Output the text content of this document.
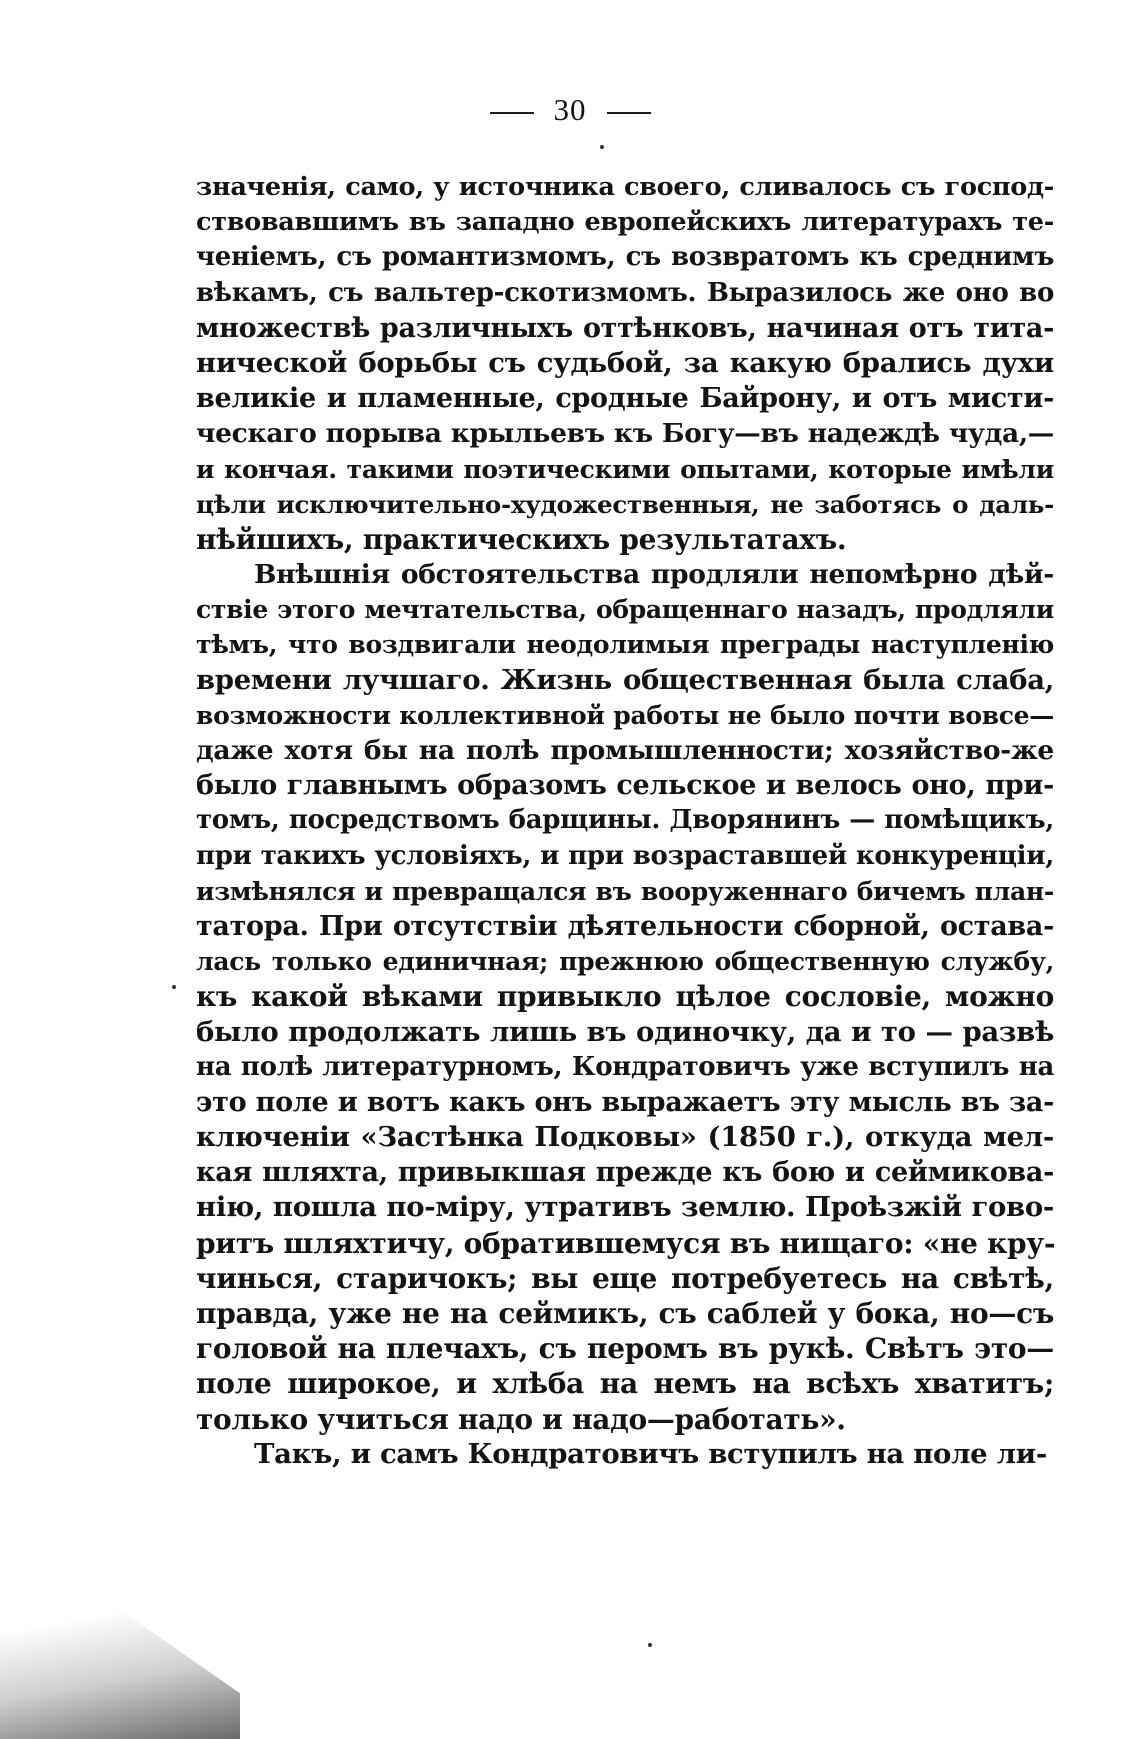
30
значенія, само, у источника своего, сливалось съ господ-
ствовавшимъ въ западно европейскихъ литературахъ те-
ченіемъ, съ романтизмомъ, съ возвратомъ къ среднимъ
вѣкамъ, съ вальтер-скотизмомъ. Выразилось же оно во
множествѣ различныхъ оттѣнковъ, начиная отъ тита-
нической борьбы съ судьбой, за какую брались духи
великіе и пламенные, сродные Байрону, и отъ мисти-
ческаго порыва крыльевъ къ Богу—въ надеждѣ чуда,—
и кончая. такими поэтическими опытами, которые имѣли
цѣли исключительно-художественныя, не заботясь о даль-
нѣйшихъ, практическихъ результатахъ.
Внѣшнія обстоятельства продляли непомѣрно дѣй-
ствіе этого мечтательства, обращеннаго назадъ, продляли
тѣмъ, что воздвигали неодолимыя преграды наступленію
времени лучшаго. Жизнь общественная была слаба,
возможности коллективной работы не было почти вовсе—
даже хотя бы на полѣ промышленности; хозяйство-же
было главнымъ образомъ сельское и велось оно, при-
томъ, посредствомъ барщины. Дворянинъ — помѣщикъ,
при такихъ условіяхъ, и при возраставшей конкуренціи,
измѣнялся и превращался въ вооруженнаго бичемъ план-
татора. При отсутствіи дѣятельности сборной, остава-
лась только единичная; прежнюю общественную службу,
къ какой вѣками привыкло цѣлое сословіе, можно
было продолжать лишь въ одиночку, да и то — развѣ
на полѣ литературномъ, Кондратовичъ уже вступилъ на
это поле и вотъ какъ онъ выражаетъ эту мысль въ за-
ключеніи «Застѣнка Подковы» (1850 г.), откуда мел-
кая шляхта, привыкшая прежде къ бою и сеймикова-
нію, пошла по-міру, утративъ землю. Проѣзжій гово-
ритъ шляхтичу, обратившемуся въ нищаго: «не кру-
чинься, старичокъ; вы еще потребуетесь на свѣтѣ,
правда, уже не на сеймикъ, съ саблей у бока, но—съ
головой на плечахъ, съ перомъ въ рукѣ. Свѣтъ это—
поле широкое, и хлѣба на немъ на всѣхъ хватитъ;
только учиться надо и надо—работать».
Такъ, и самъ Кондратовичъ вступилъ на поле ли-
